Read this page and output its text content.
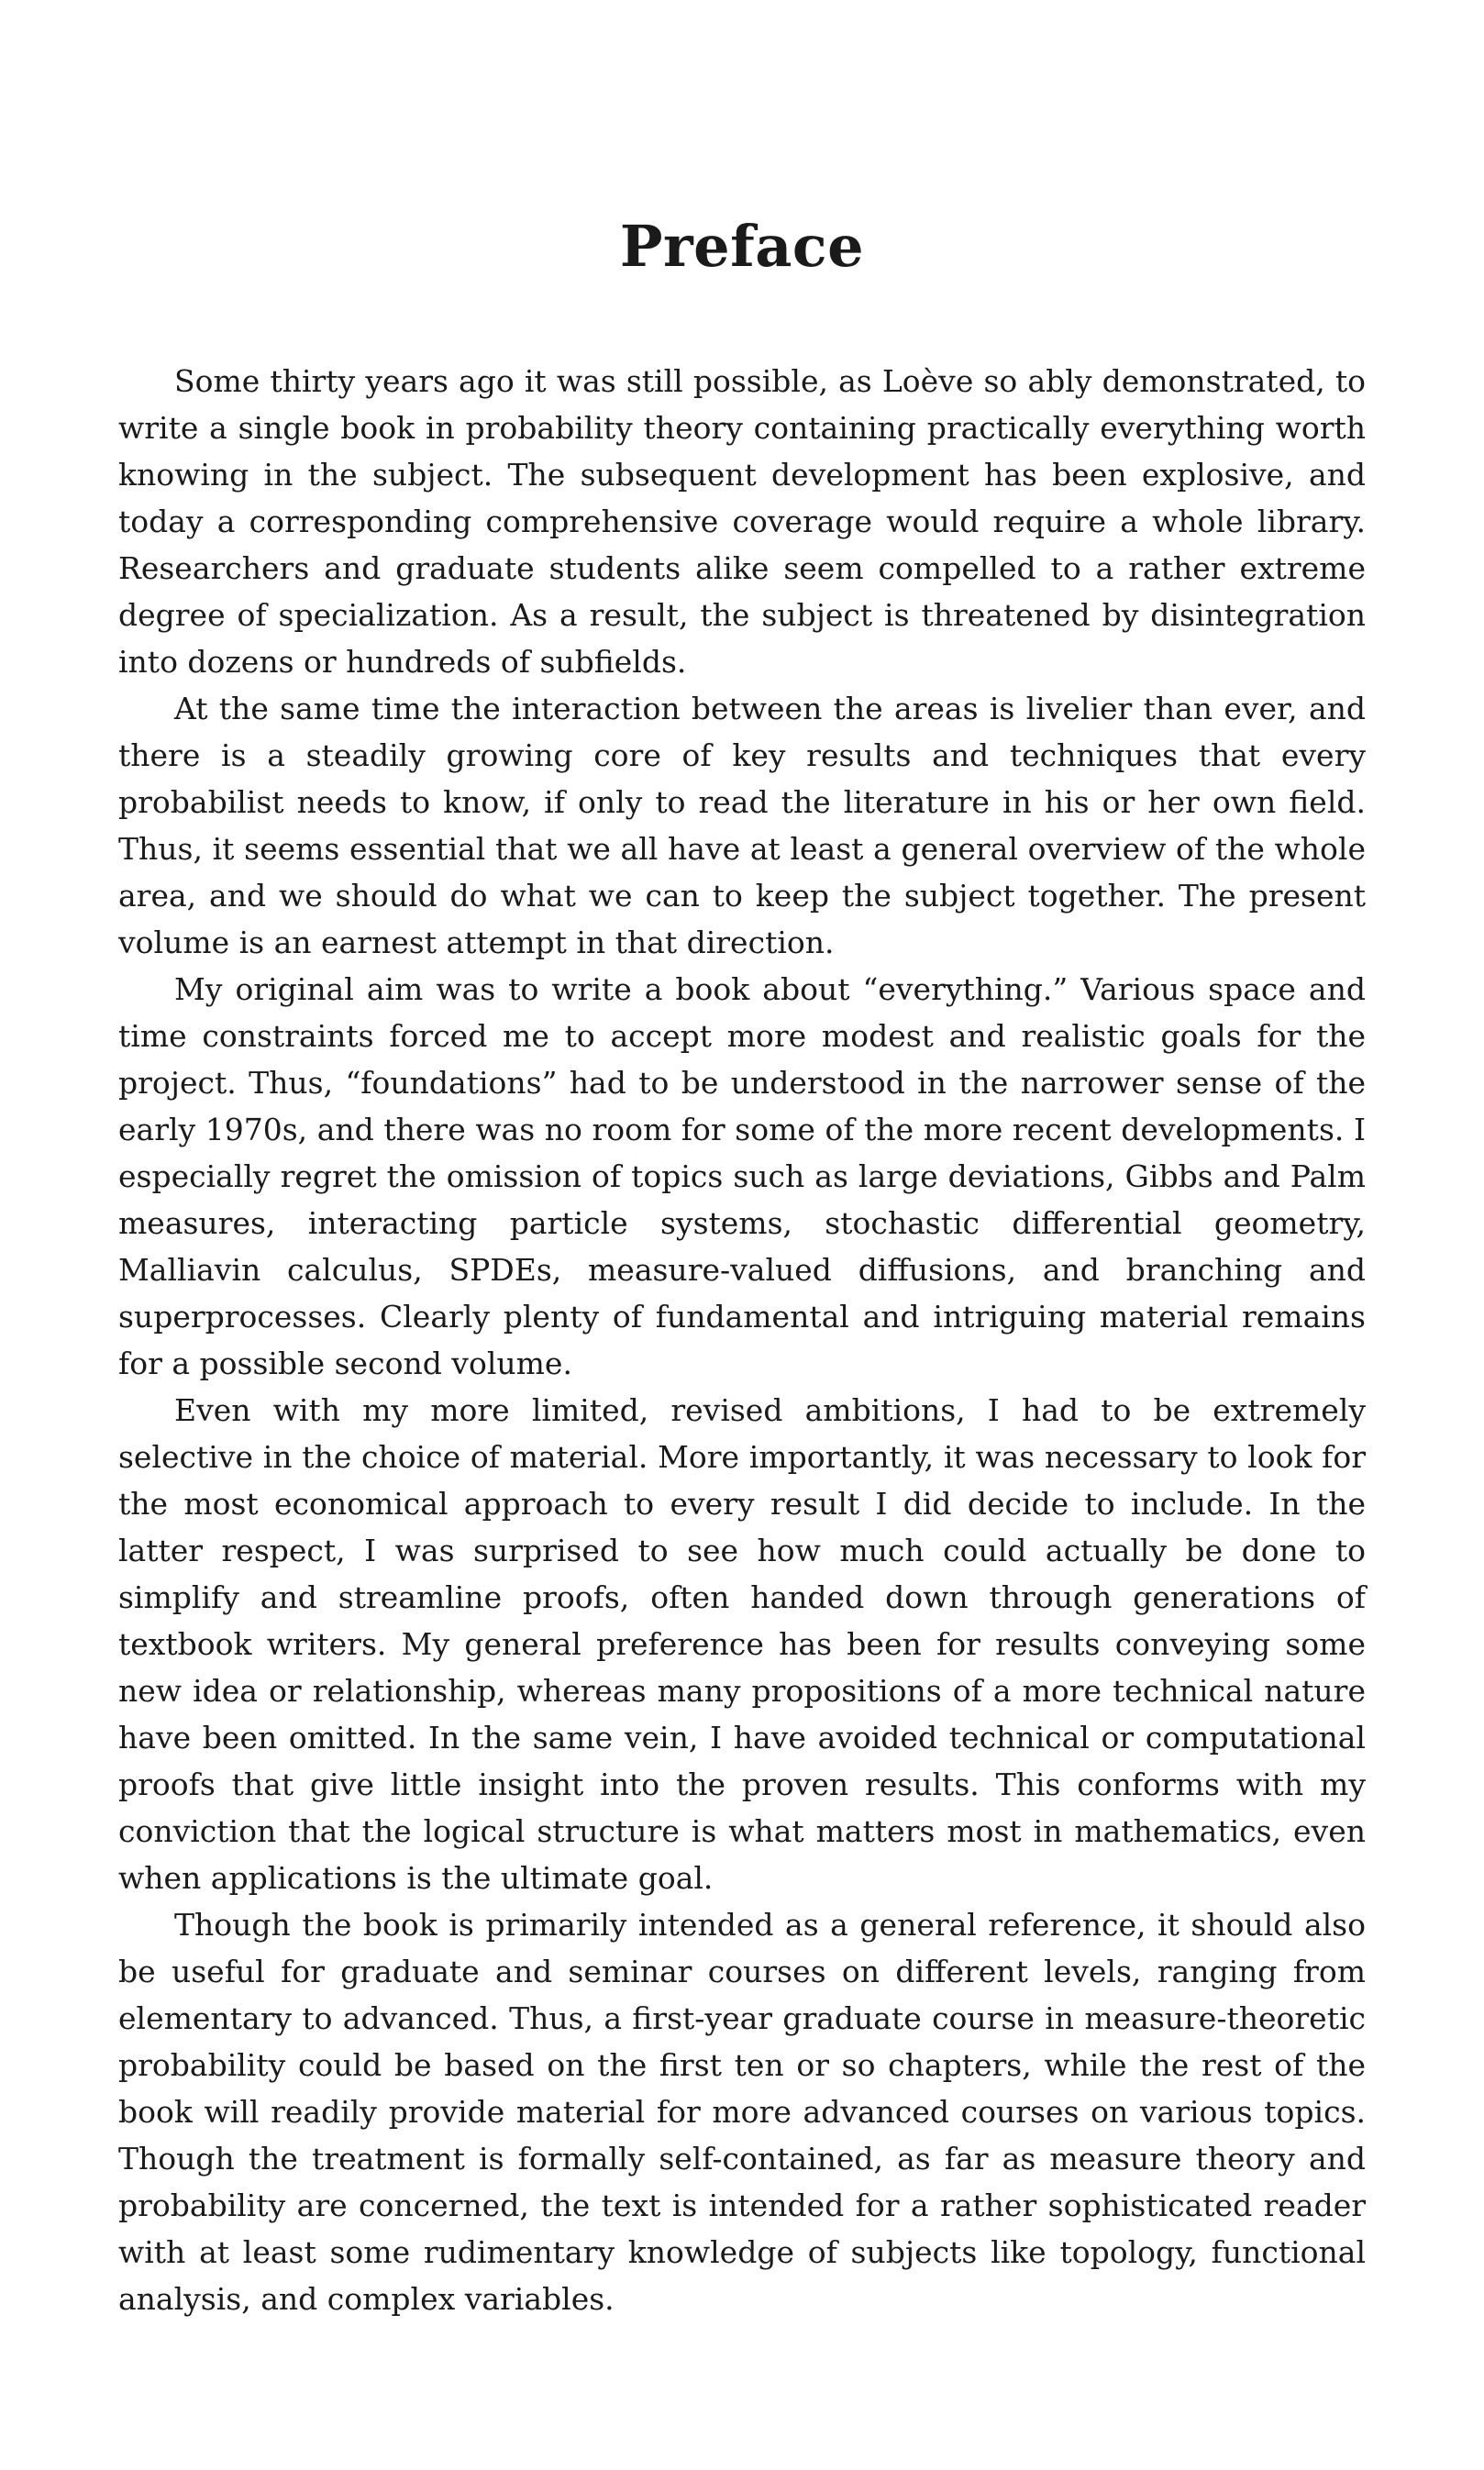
Preface

Some thirty years ago it was still possible, as Loève so ably demonstrated, to write a single book in probability theory containing practically everything worth knowing in the subject. The subsequent development has been explosive, and today a corresponding comprehensive coverage would require a whole library. Researchers and graduate students alike seem compelled to a rather extreme degree of specialization. As a result, the subject is threatened by disintegration into dozens or hundreds of subfields.

At the same time the interaction between the areas is livelier than ever, and there is a steadily growing core of key results and techniques that every probabilist needs to know, if only to read the literature in his or her own field. Thus, it seems essential that we all have at least a general overview of the whole area, and we should do what we can to keep the subject together. The present volume is an earnest attempt in that direction.

My original aim was to write a book about “everything.” Various space and time constraints forced me to accept more modest and realistic goals for the project. Thus, “foundations” had to be understood in the narrower sense of the early 1970s, and there was no room for some of the more recent developments. I especially regret the omission of topics such as large deviations, Gibbs and Palm measures, interacting particle systems, stochastic differential geometry, Malliavin calculus, SPDEs, measure-valued diffusions, and branching and superprocesses. Clearly plenty of fundamental and intriguing material remains for a possible second volume.

Even with my more limited, revised ambitions, I had to be extremely selective in the choice of material. More importantly, it was necessary to look for the most economical approach to every result I did decide to include. In the latter respect, I was surprised to see how much could actually be done to simplify and streamline proofs, often handed down through generations of textbook writers. My general preference has been for results conveying some new idea or relationship, whereas many propositions of a more technical nature have been omitted. In the same vein, I have avoided technical or computational proofs that give little insight into the proven results. This conforms with my conviction that the logical structure is what matters most in mathematics, even when applications is the ultimate goal.

Though the book is primarily intended as a general reference, it should also be useful for graduate and seminar courses on different levels, ranging from elementary to advanced. Thus, a first-year graduate course in measure-theoretic probability could be based on the first ten or so chapters, while the rest of the book will readily provide material for more advanced courses on various topics. Though the treatment is formally self-contained, as far as measure theory and probability are concerned, the text is intended for a rather sophisticated reader with at least some rudimentary knowledge of subjects like topology, functional analysis, and complex variables.
